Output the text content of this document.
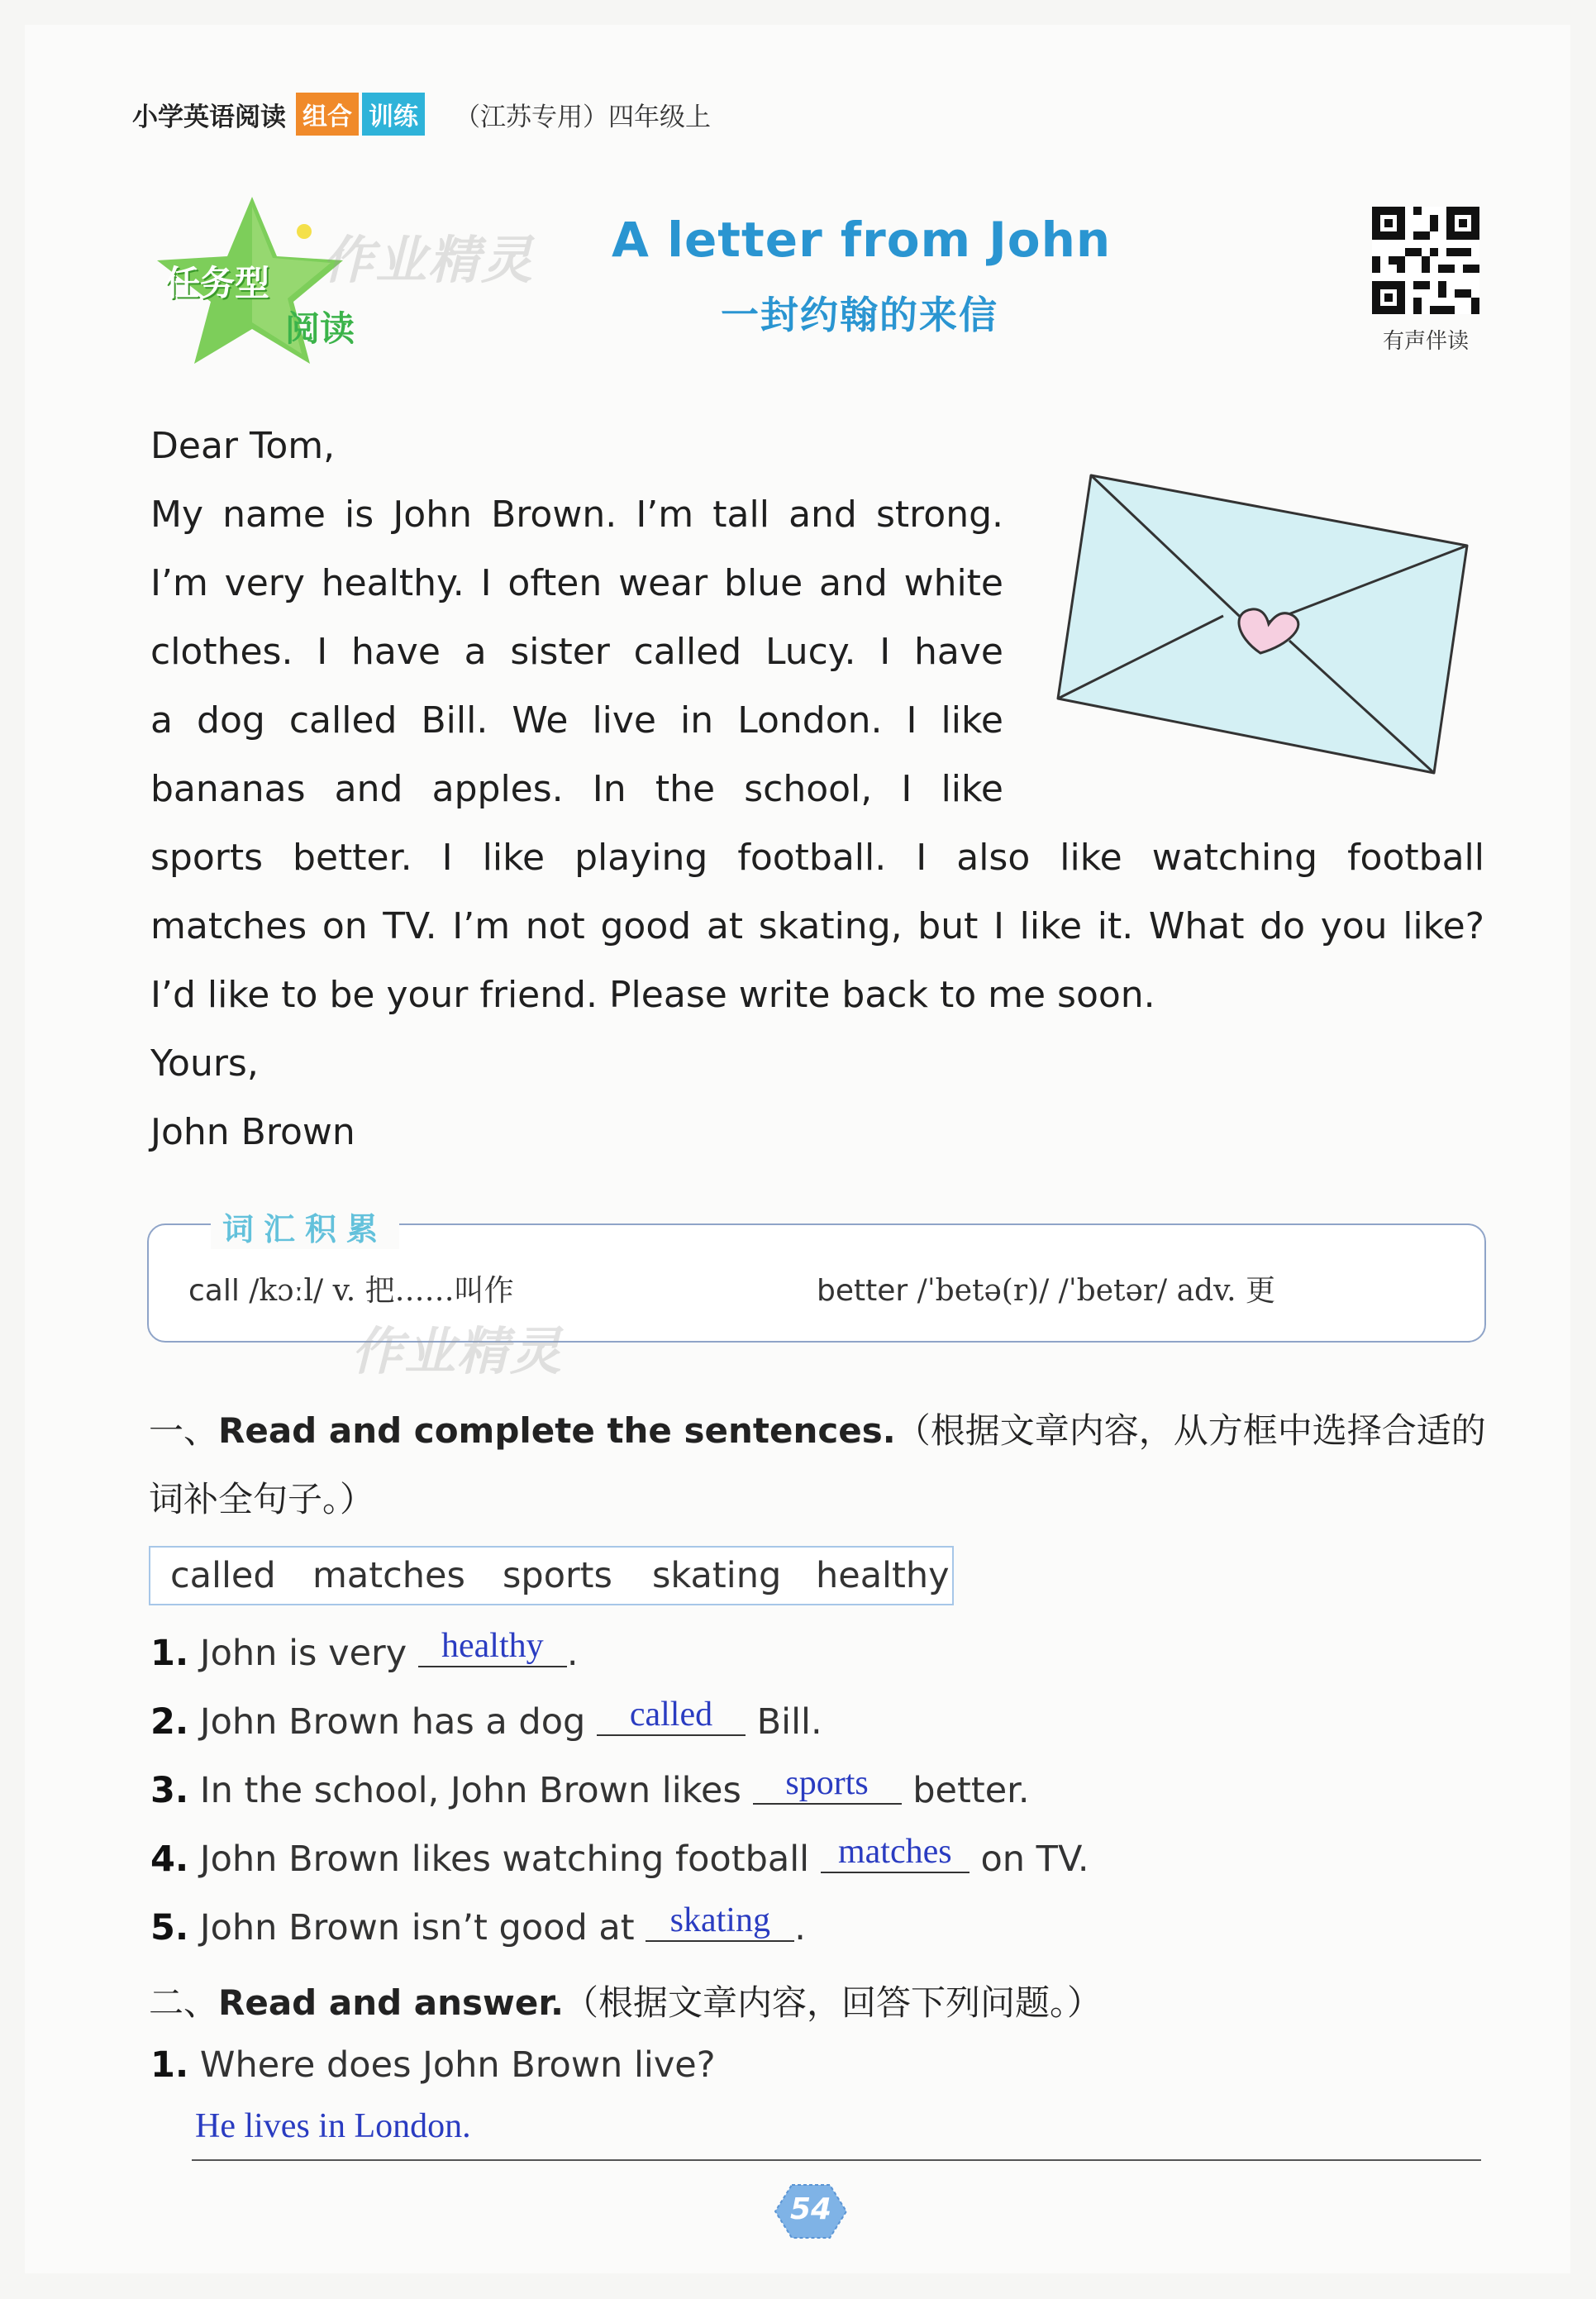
小学英语阅读 组合 训练 （江苏专用）四年级上
任务型
阅读
作业精灵 A letter from John
一封约翰的来信
有声伴读
Dear Tom,
My name is John Brown. I’m tall and strong.
I’m very healthy. I often wear blue and white
clothes. I have a sister called Lucy. I have
a dog called Bill. We live in London. I like
bananas and apples. In the school, I like
sports better. I like playing football. I also like watching football
matches on TV. I’m not good at skating, but I like it. What do you like?
I’d like to be your friend. Please write back to me soon.
Yours,
John Brown
词汇积累
call /kɔːl/ v. 把……叫作	better /ˈbetə(r)/ /ˈbetər/ adv. 更
作业精灵
一、Read and complete the sentences.（根据文章内容，从方框中选择合适的
词补全句子。）
called matches sports skating healthy
1. John is very healthy .
2. John Brown has a dog called Bill.
3. In the school, John Brown likes sports better.
4. John Brown likes watching football matches on TV.
5. John Brown isn’t good at skating .
二、Read and answer.（根据文章内容，回答下列问题。）
1. Where does John Brown live?
He lives in London.
54
